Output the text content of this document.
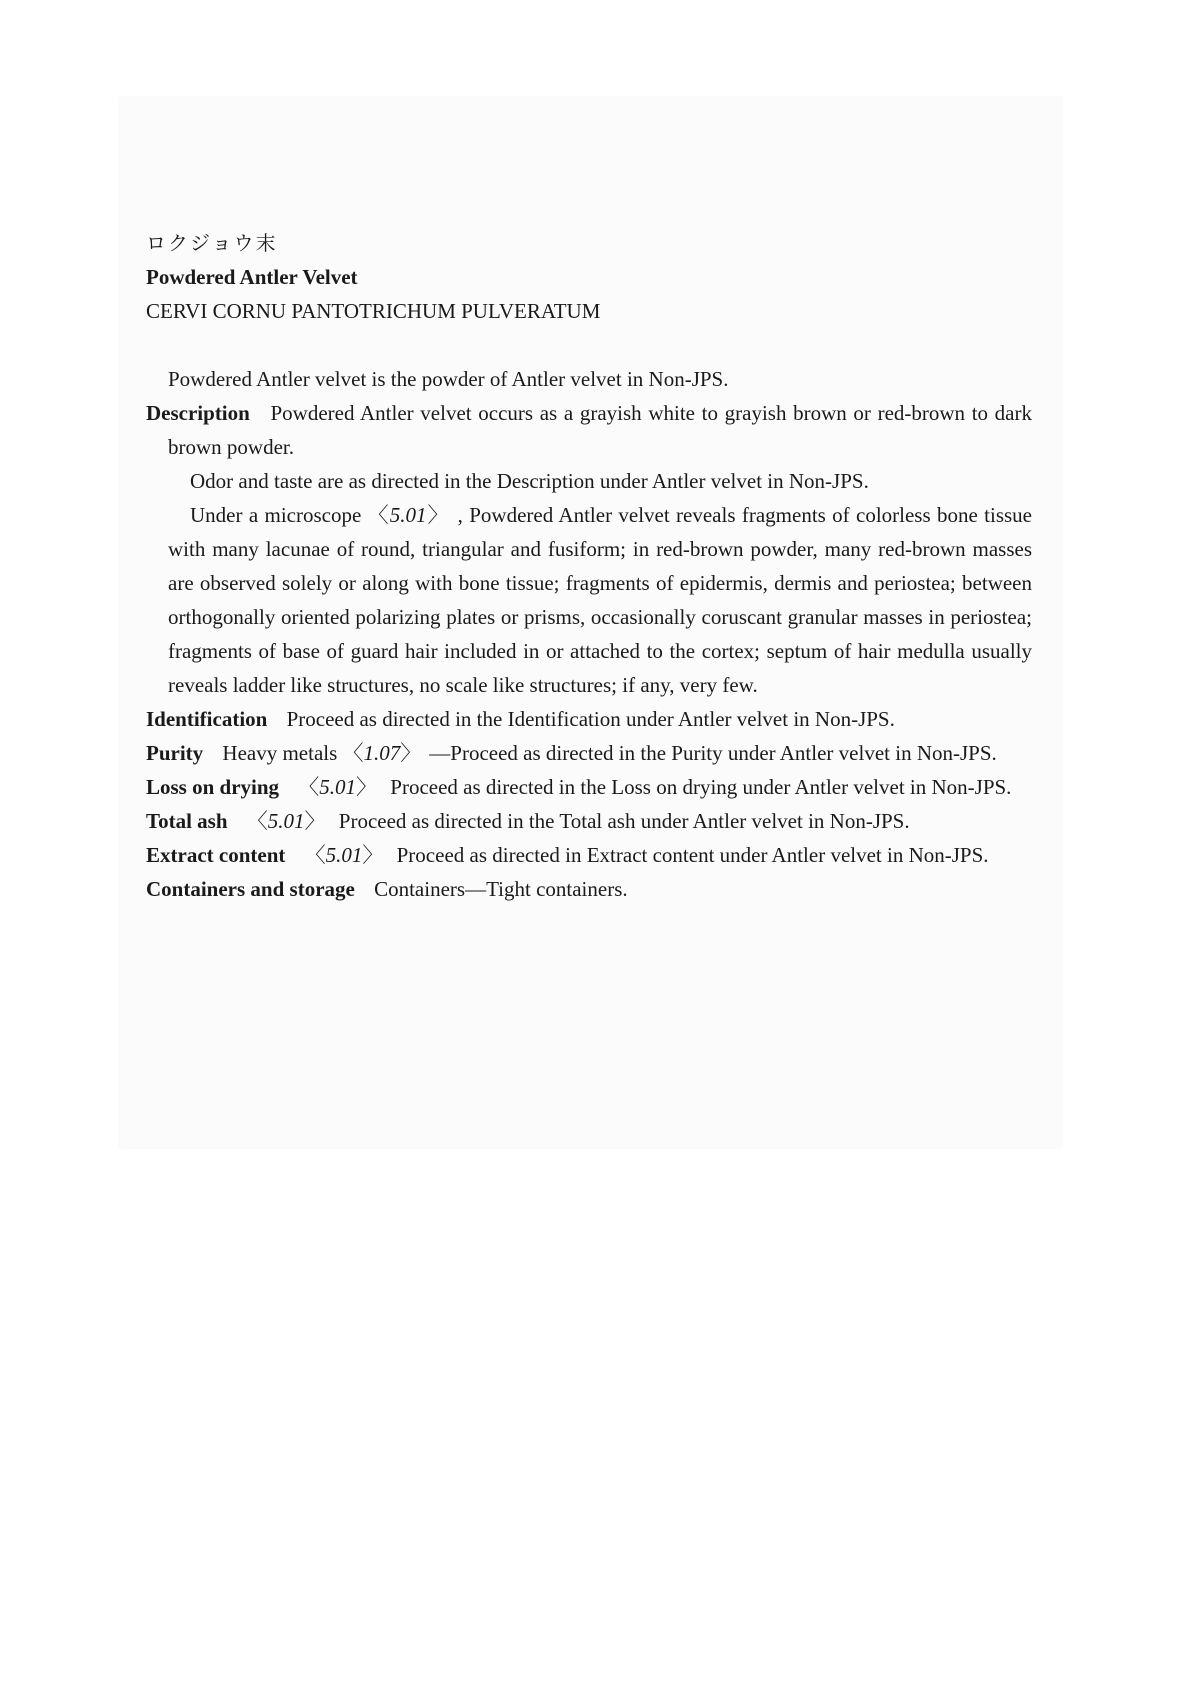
ロクジョウ末

Powdered Antler Velvet

CERVI CORNU PANTOTRICHUM PULVERATUM

Powdered Antler velvet is the powder of Antler velvet in Non-JPS.

Description Powdered Antler velvet occurs as a grayish white to grayish brown or red-brown to dark brown powder.

Odor and taste are as directed in the Description under Antler velvet in Non-JPS.

Under a microscope 〈5.01〉 , Powdered Antler velvet reveals fragments of colorless bone tissue with many lacunae of round, triangular and fusiform; in red-brown powder, many red-brown masses are observed solely or along with bone tissue; fragments of epidermis, dermis and periostea; between orthogonally oriented polarizing plates or prisms, occasionally coruscant granular masses in periostea; fragments of base of guard hair included in or attached to the cortex; septum of hair medulla usually reveals ladder like structures, no scale like structures; if any, very few.

Identification Proceed as directed in the Identification under Antler velvet in Non-JPS.

Purity Heavy metals 〈1.07〉 —Proceed as directed in the Purity under Antler velvet in Non-JPS.

Loss on drying 〈5.01〉 Proceed as directed in the Loss on drying under Antler velvet in Non-JPS.

Total ash 〈5.01〉 Proceed as directed in the Total ash under Antler velvet in Non-JPS.

Extract content 〈5.01〉 Proceed as directed in Extract content under Antler velvet in Non-JPS.

Containers and storage Containers—Tight containers.
